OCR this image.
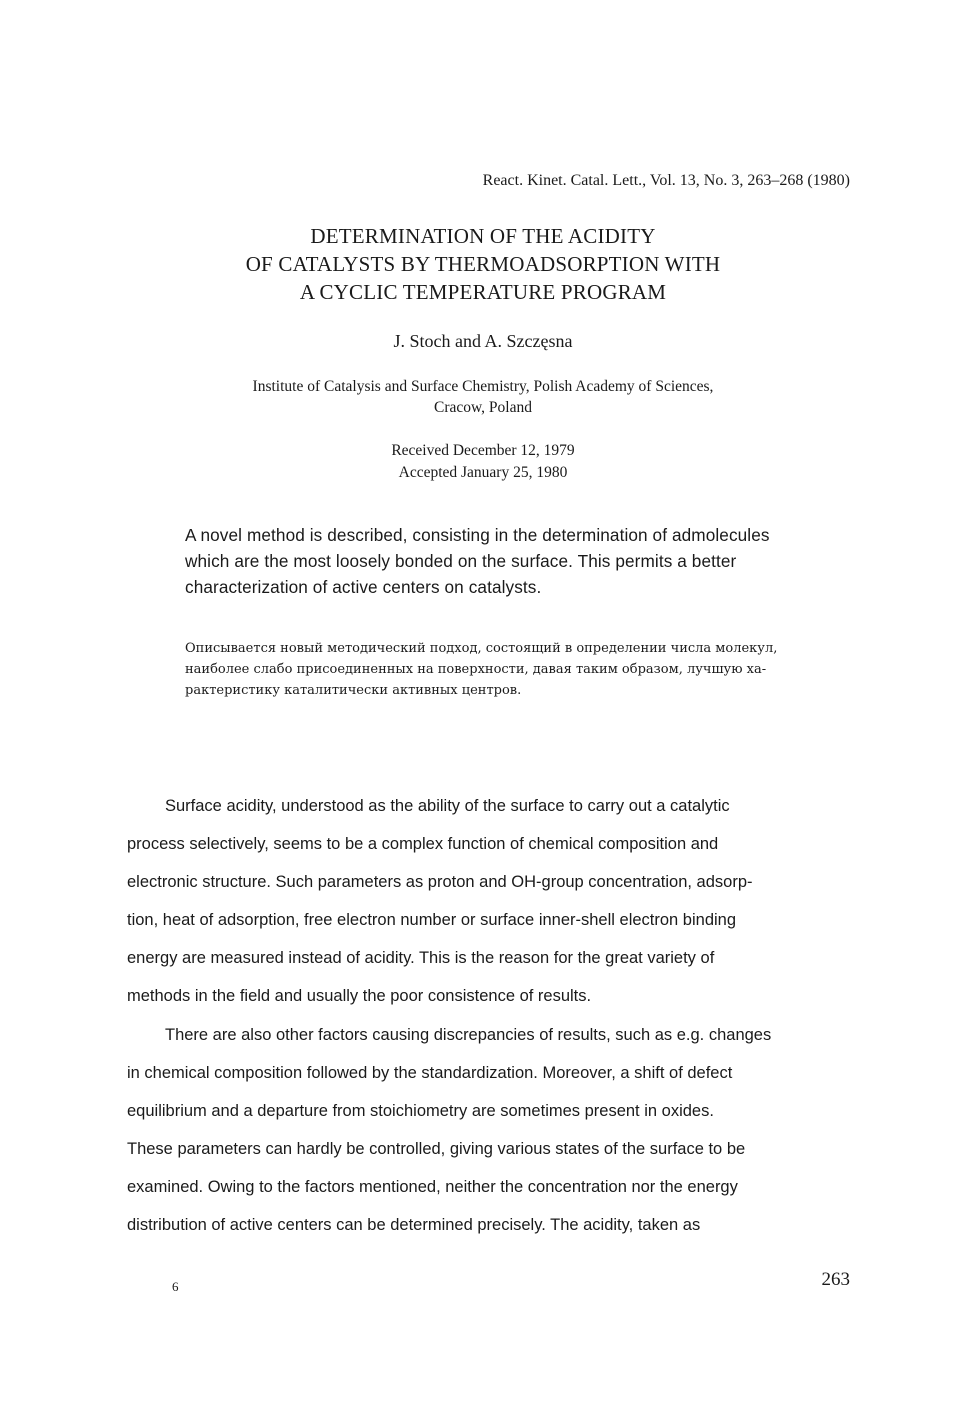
React. Kinet. Catal. Lett., Vol. 13, No. 3, 263–268 (1980)
DETERMINATION OF THE ACIDITY
OF CATALYSTS BY THERMOADSORPTION WITH
A CYCLIC TEMPERATURE PROGRAM
J. Stoch and A. Szczęsna
Institute of Catalysis and Surface Chemistry, Polish Academy of Sciences,
Cracow, Poland
Received December 12, 1979
Accepted January 25, 1980
A novel method is described, consisting in the determination of admolecules
which are the most loosely bonded on the surface. This permits a better
characterization of active centers on catalysts.
Описывается новый методический подход, состоящий в определении числа молекул,
наиболее слабо присоединенных на поверхности, давая таким образом, лучшую ха-
рактеристику каталитически активных центров.
Surface acidity, understood as the ability of the surface to carry out a catalytic
process selectively, seems to be a complex function of chemical composition and
electronic structure. Such parameters as proton and OH-group concentration, adsorp-
tion, heat of adsorption, free electron number or surface inner-shell electron binding
energy are measured instead of acidity. This is the reason for the great variety of
methods in the field and usually the poor consistence of results.
There are also other factors causing discrepancies of results, such as e.g. changes
in chemical composition followed by the standardization. Moreover, a shift of defect
equilibrium and a departure from stoichiometry are sometimes present in oxides.
These parameters can hardly be controlled, giving various states of the surface to be
examined. Owing to the factors mentioned, neither the concentration nor the energy
distribution of active centers can be determined precisely. The acidity, taken as
6	263
